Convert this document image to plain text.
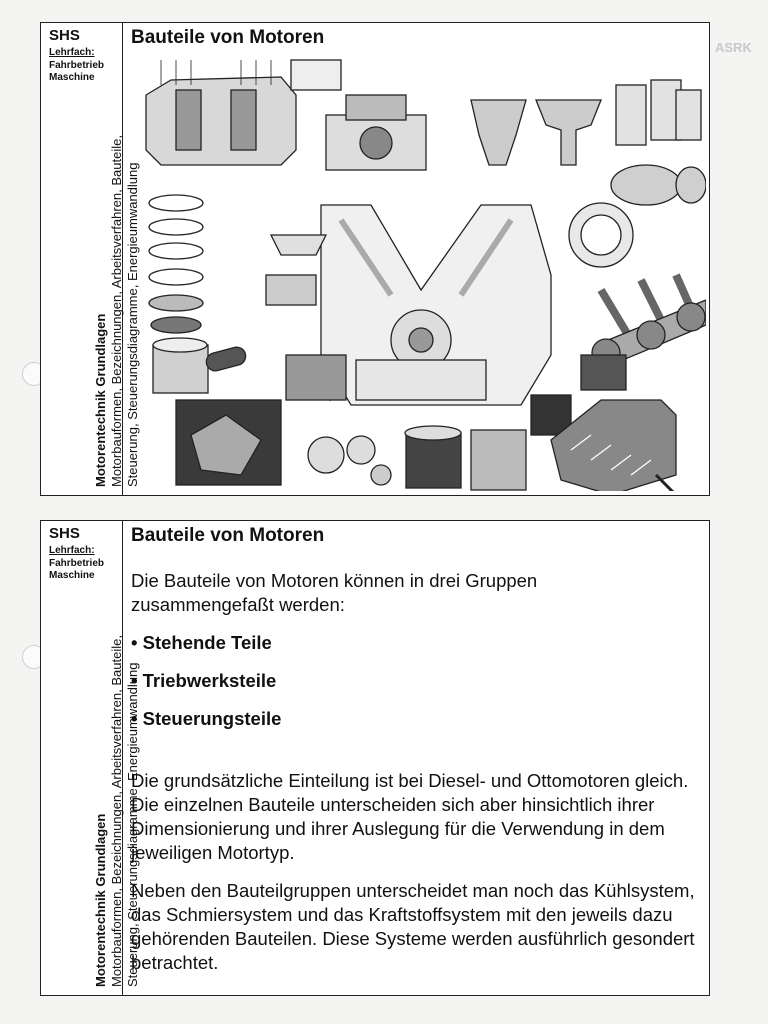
ASRK
SHS
Lehrfach:
Fahrbetrieb Maschine
Motorentechnik Grundlagen Motorbauformen, Bezeichnungen, Arbeitsverfahren, Bauteile, Steuerung, Steuerungsdiagramme, Energieumwandlung
Bauteile von Motoren
SHS
Lehrfach:
Fahrbetrieb Maschine
Motorentechnik Grundlagen Motorbauformen, Bezeichnungen, Arbeitsverfahren, Bauteile, Steuerung, Steuerungsdiagramme, Energieumwandlung
Bauteile von Motoren
Die Bauteile von Motoren können in drei Gruppen zusammengefaßt werden:
• Stehende Teile
• Triebwerksteile
• Steuerungsteile
Die grundsätzliche Einteilung ist bei Diesel- und Ottomotoren gleich. Die einzelnen Bauteile unterscheiden sich aber hinsichtlich ihrer Dimensionierung und ihrer Auslegung für die Verwendung in dem jeweiligen Motortyp.
Neben den Bauteilgruppen unterscheidet man noch das Kühlsystem, das Schmiersystem und das Kraftstoffsystem mit den jeweils dazu gehörenden Bauteilen. Diese Systeme werden ausführlich gesondert betrachtet.
